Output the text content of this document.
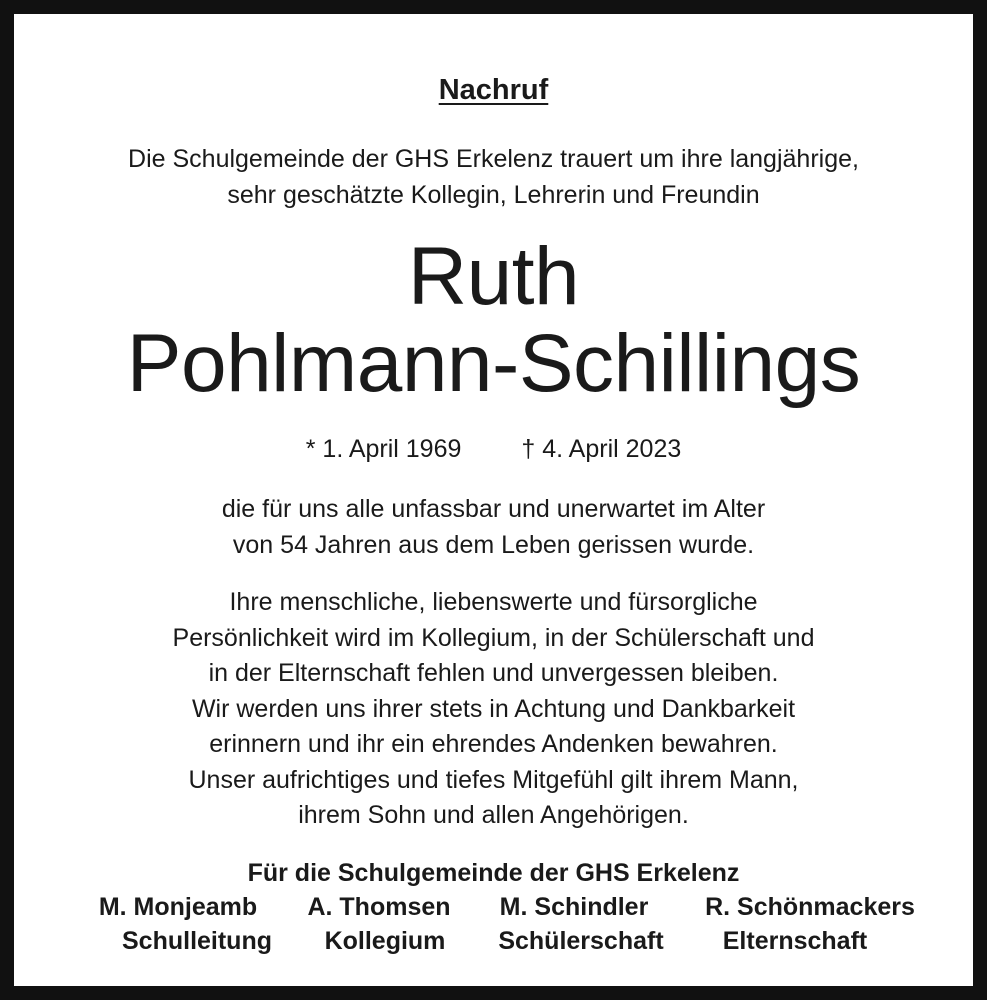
Nachruf
Die Schulgemeinde der GHS Erkelenz trauert um ihre langjährige,
sehr geschätzte Kollegin, Lehrerin und Freundin
Ruth
Pohlmann-Schillings
* 1. April 1969 † 4. April 2023
die für uns alle unfassbar und unerwartet im Alter
von 54 Jahren aus dem Leben gerissen wurde.
Ihre menschliche, liebenswerte und fürsorgliche
Persönlichkeit wird im Kollegium, in der Schülerschaft und
in der Elternschaft fehlen und unvergessen bleiben.
Wir werden uns ihrer stets in Achtung und Dankbarkeit
erinnern und ihr ein ehrendes Andenken bewahren.
Unser aufrichtiges und tiefes Mitgefühl gilt ihrem Mann,
ihrem Sohn und allen Angehörigen.
Für die Schulgemeinde der GHS Erkelenz
M. Monjeamb A. Thomsen M. Schindler R. Schönmackers
Schulleitung Kollegium Schülerschaft Elternschaft
